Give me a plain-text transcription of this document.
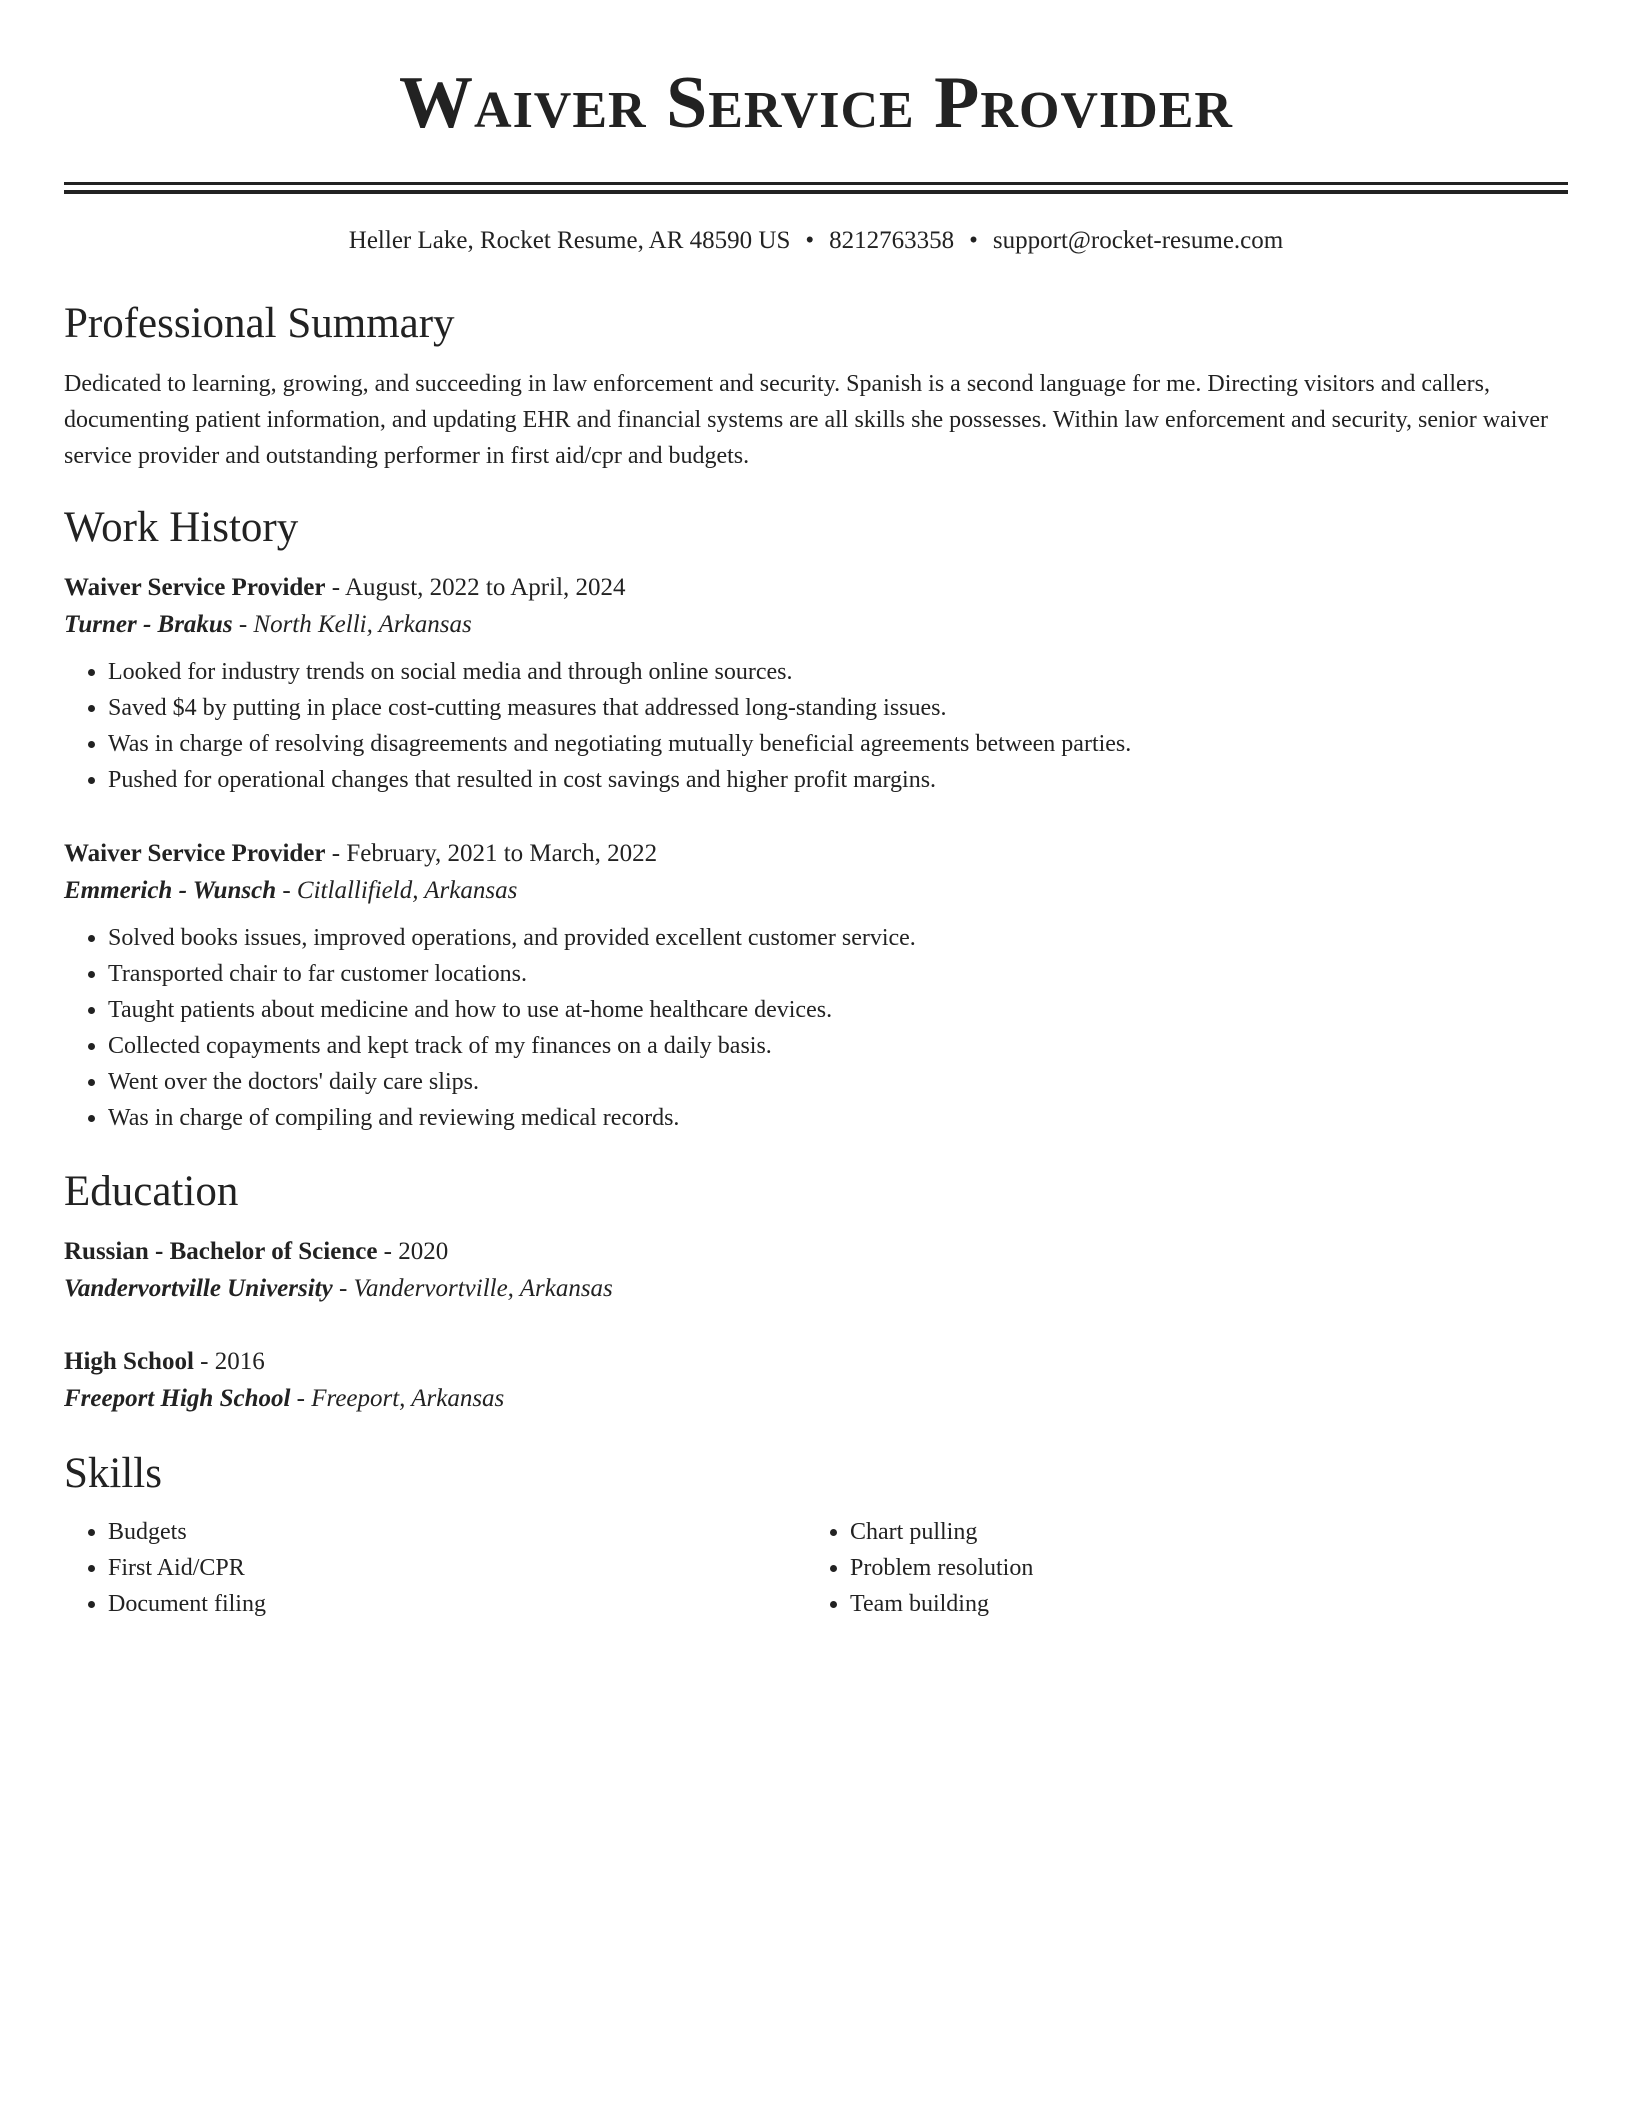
Waiver Service Provider
Heller Lake, Rocket Resume, AR 48590 US • 8212763358 • support@rocket-resume.com
Professional Summary

Dedicated to learning, growing, and succeeding in law enforcement and security. Spanish is a second language for me. Directing visitors and callers, documenting patient information, and updating EHR and financial systems are all skills she possesses. Within law enforcement and security, senior waiver service provider and outstanding performer in first aid/cpr and budgets.

Work History
Waiver Service Provider - August, 2022 to April, 2024
Turner - Brakus - North Kelli, Arkansas
• Looked for industry trends on social media and through online sources.
• Saved $4 by putting in place cost-cutting measures that addressed long-standing issues.
• Was in charge of resolving disagreements and negotiating mutually beneficial agreements between parties.
• Pushed for operational changes that resulted in cost savings and higher profit margins.
Waiver Service Provider - February, 2021 to March, 2022
Emmerich - Wunsch - Citlallifield, Arkansas
• Solved books issues, improved operations, and provided excellent customer service.
• Transported chair to far customer locations.
• Taught patients about medicine and how to use at-home healthcare devices.
• Collected copayments and kept track of my finances on a daily basis.
• Went over the doctors' daily care slips.
• Was in charge of compiling and reviewing medical records.
Education
Russian - Bachelor of Science - 2020
Vandervortville University - Vandervortville, Arkansas
High School - 2016
Freeport High School - Freeport, Arkansas
Skills
• Budgets
• First Aid/CPR
• Document filing
• Chart pulling
• Problem resolution
• Team building
